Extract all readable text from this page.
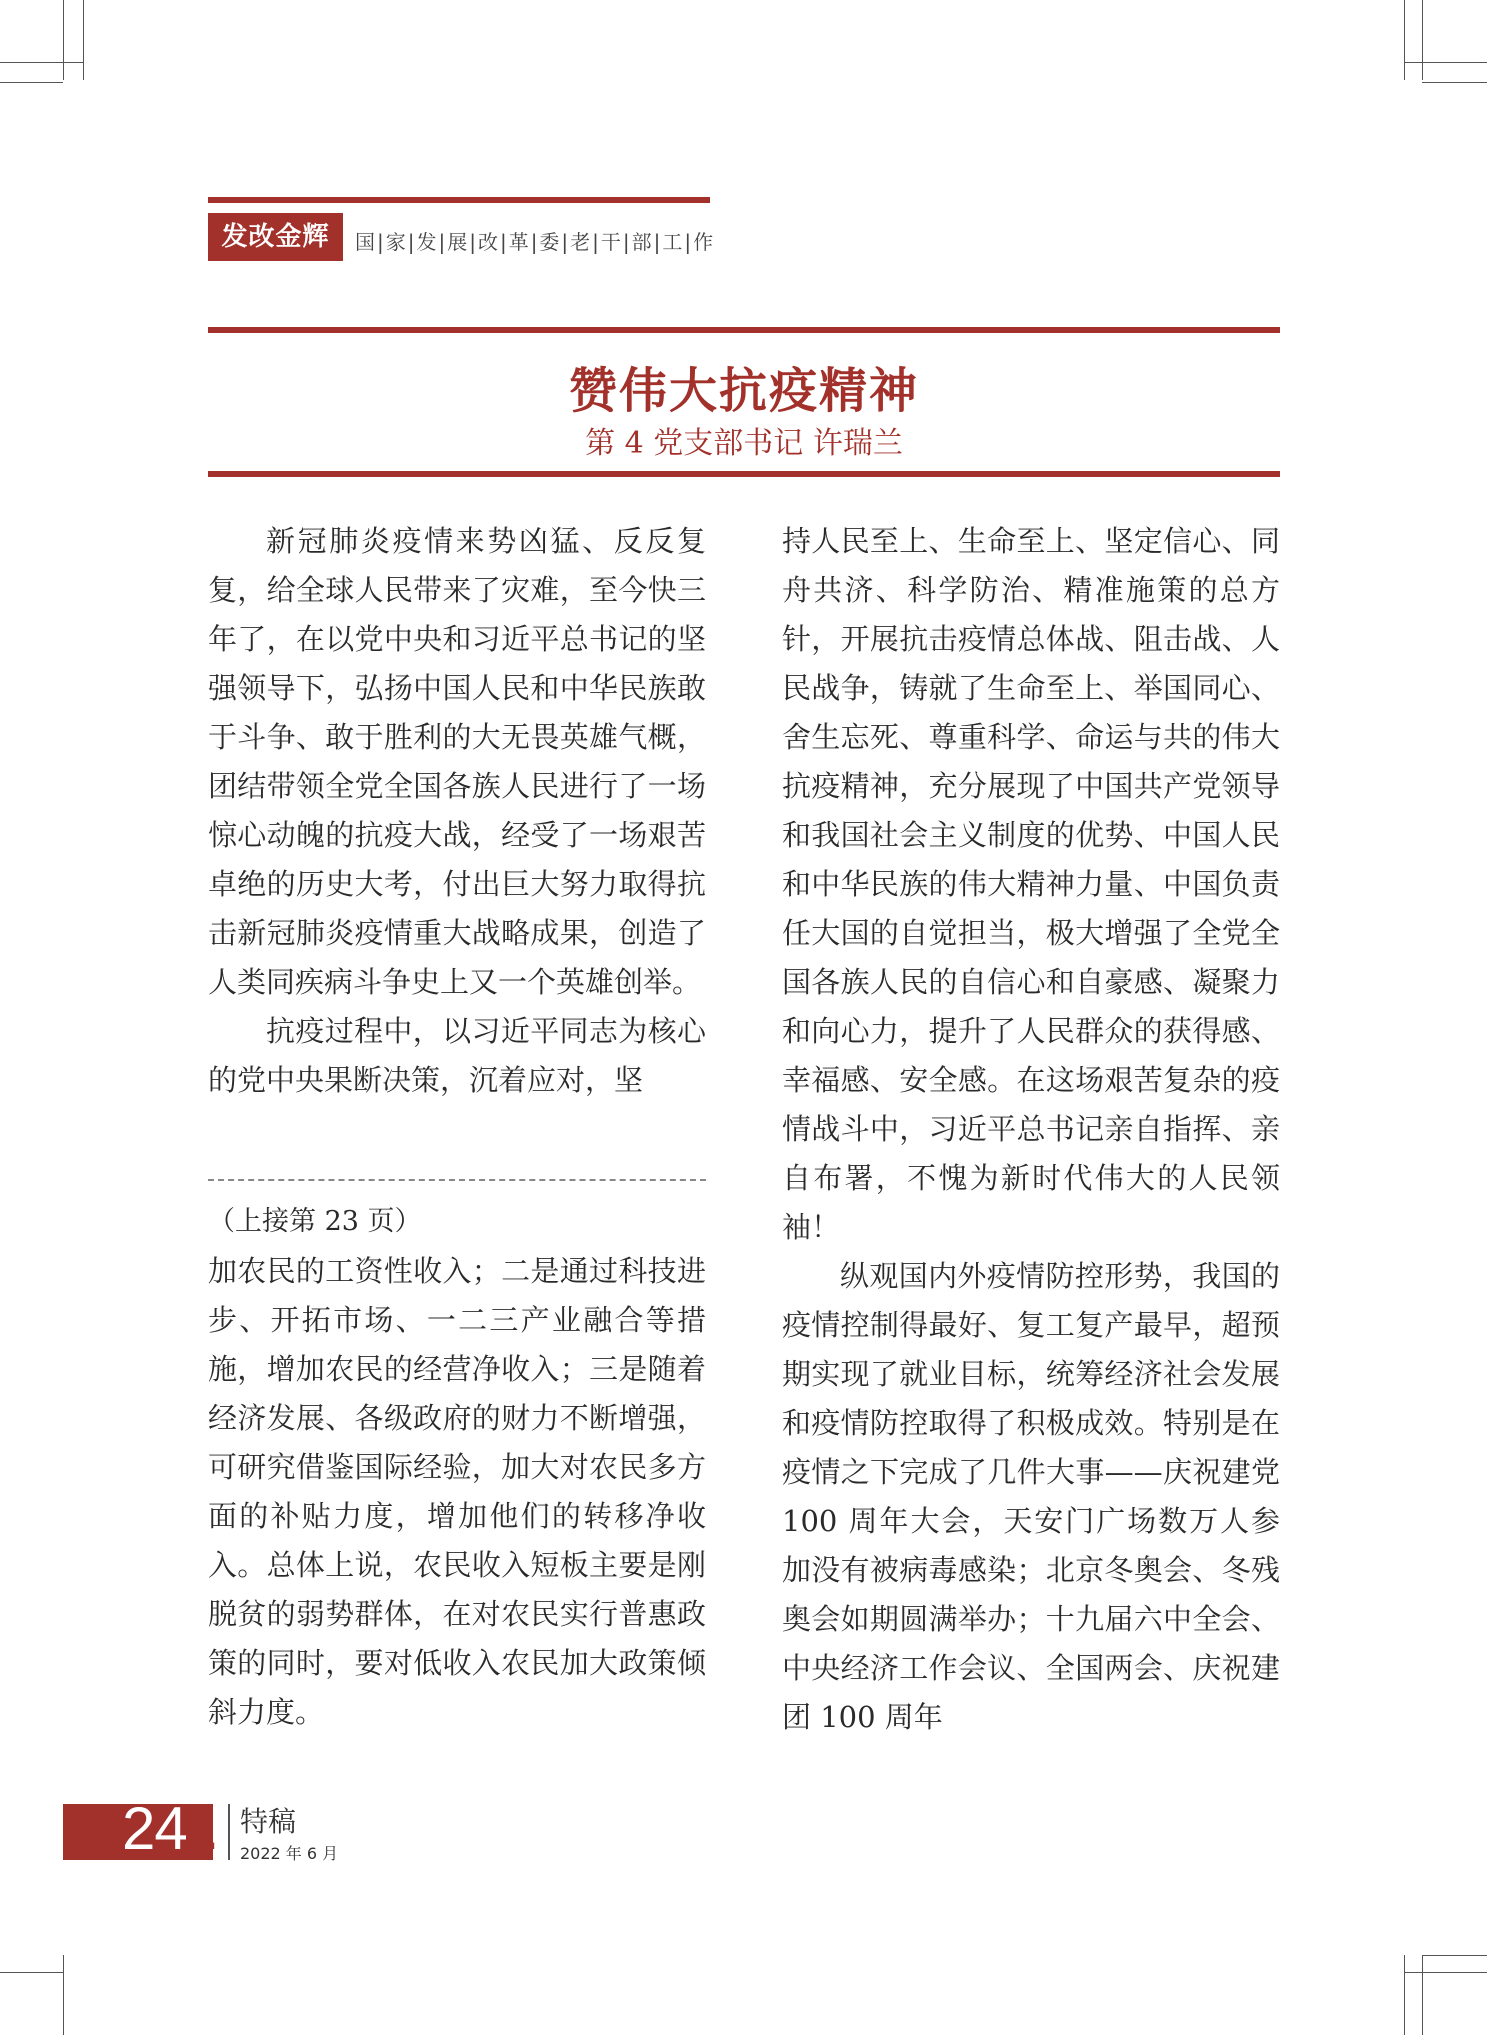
发改金辉	国|家|发|展|改|革|委|老|干|部|工|作
赞伟大抗疫精神
第 4 党支部书记 许瑞兰

新冠肺炎疫情来势凶猛、反反复复，给全球人民带来了灾难，至今快三年了，在以党中央和习近平总书记的坚强领导下，弘扬中国人民和中华民族敢于斗争、敢于胜利的大无畏英雄气概，团结带领全党全国各族人民进行了一场惊心动魄的抗疫大战，经受了一场艰苦卓绝的历史大考，付出巨大努力取得抗击新冠肺炎疫情重大战略成果，创造了人类同疾病斗争史上又一个英雄创举。

抗疫过程中，以习近平同志为核心的党中央果断决策，沉着应对，坚

（上接第 23 页）

加农民的工资性收入；二是通过科技进步、开拓市场、一二三产业融合等措施，增加农民的经营净收入；三是随着经济发展、各级政府的财力不断增强，可研究借鉴国际经验，加大对农民多方面的补贴力度，增加他们的转移净收入。总体上说，农民收入短板主要是刚脱贫的弱势群体，在对农民实行普惠政策的同时，要对低收入农民加大政策倾斜力度。

持人民至上、生命至上、坚定信心、同舟共济、科学防治、精准施策的总方针，开展抗击疫情总体战、阻击战、人民战争，铸就了生命至上、举国同心、舍生忘死、尊重科学、命运与共的伟大抗疫精神，充分展现了中国共产党领导和我国社会主义制度的优势、中国人民和中华民族的伟大精神力量、中国负责任大国的自觉担当，极大增强了全党全国各族人民的自信心和自豪感、凝聚力和向心力，提升了人民群众的获得感、幸福感、安全感。在这场艰苦复杂的疫情战斗中，习近平总书记亲自指挥、亲自布署，不愧为新时代伟大的人民领袖！

纵观国内外疫情防控形势，我国的疫情控制得最好、复工复产最早，超预期实现了就业目标，统筹经济社会发展和疫情防控取得了积极成效。特别是在疫情之下完成了几件大事——庆祝建党 100 周年大会，天安门广场数万人参加没有被病毒感染；北京冬奥会、冬残奥会如期圆满举办；十九届六中全会、中央经济工作会议、全国两会、庆祝建团 100 周年

24 . 特稿
2022 年 6 月
